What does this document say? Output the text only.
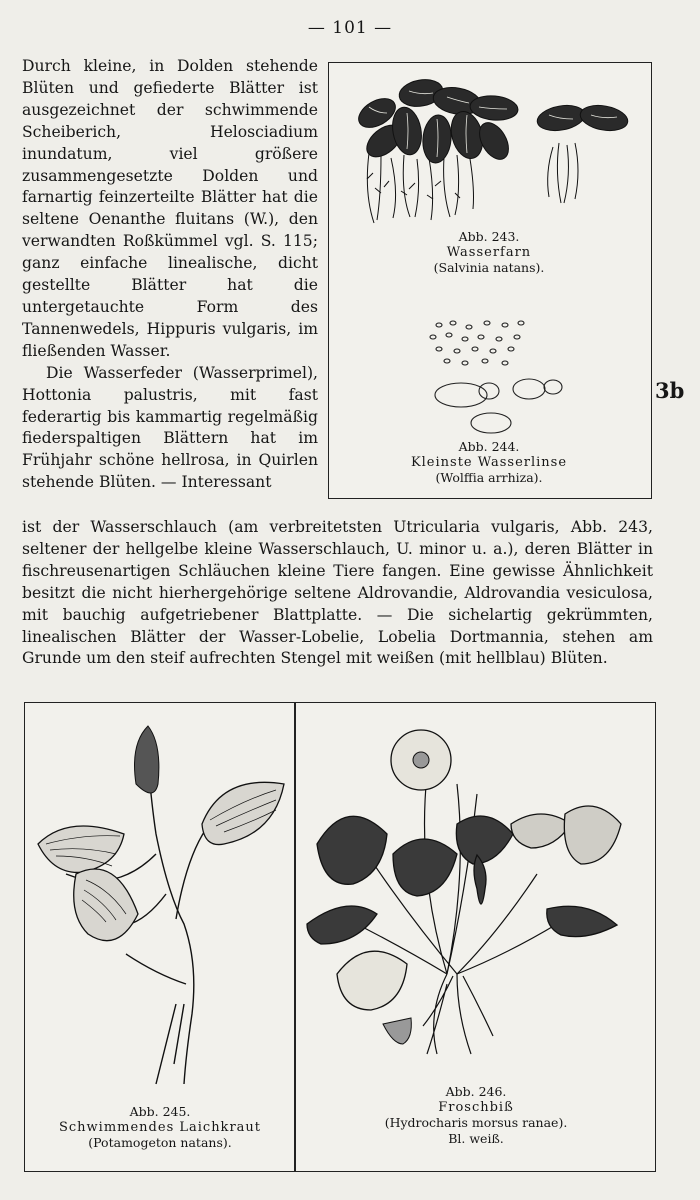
— 101 —
3b

Durch kleine, in Dolden stehende Blüten und gefiederte Blätter ist ausgezeichnet der schwimmende Scheiberich, Helosciadium inundatum, viel größere zusammengesetzte Dolden und farnartig feinzerteilte Blätter hat die seltene Oenanthe fluitans (W.), den verwandten Roßkümmel vgl. S. 115; ganz einfache linealische, dicht gestellte Blätter hat die untergetauchte Form des Tannenwedels, Hippuris vulgaris, im fließenden Wasser.

Die Wasserfeder (Wasserprimel), Hottonia palustris, mit fast federartig bis kammartig regelmäßig fiederspaltigen Blättern hat im Frühjahr schöne hellrosa, in Quirlen stehende Blüten. — Interessant

ist der Wasserschlauch (am verbreitetsten Utricularia vulgaris, Abb. 243, seltener der hellgelbe kleine Wasserschlauch, U. minor u. a.), deren Blätter in fischreusenartigen Schläuchen kleine Tiere fangen. Eine gewisse Ähnlichkeit besitzt die nicht hierhergehörige seltene Aldrovandie, Aldrovandia vesiculosa, mit bauchig aufgetriebener Blattplatte. — Die sichelartig gekrümmten, linealischen Blätter der Wasser-Lobelie, Lobelia Dortmannia, stehen am Grunde um den steif aufrechten Stengel mit weißen (mit hellblau) Blüten.

Abb. 243.
Wasserfarn
(Salvinia natans).
Abb. 244.
Kleinste Wasserlinse
(Wolffia arrhiza).
Abb. 245.
Schwimmendes Laichkraut
(Potamogeton natans).
Abb. 246.
Froschbiß
(Hydrocharis morsus ranae).
Bl. weiß.
